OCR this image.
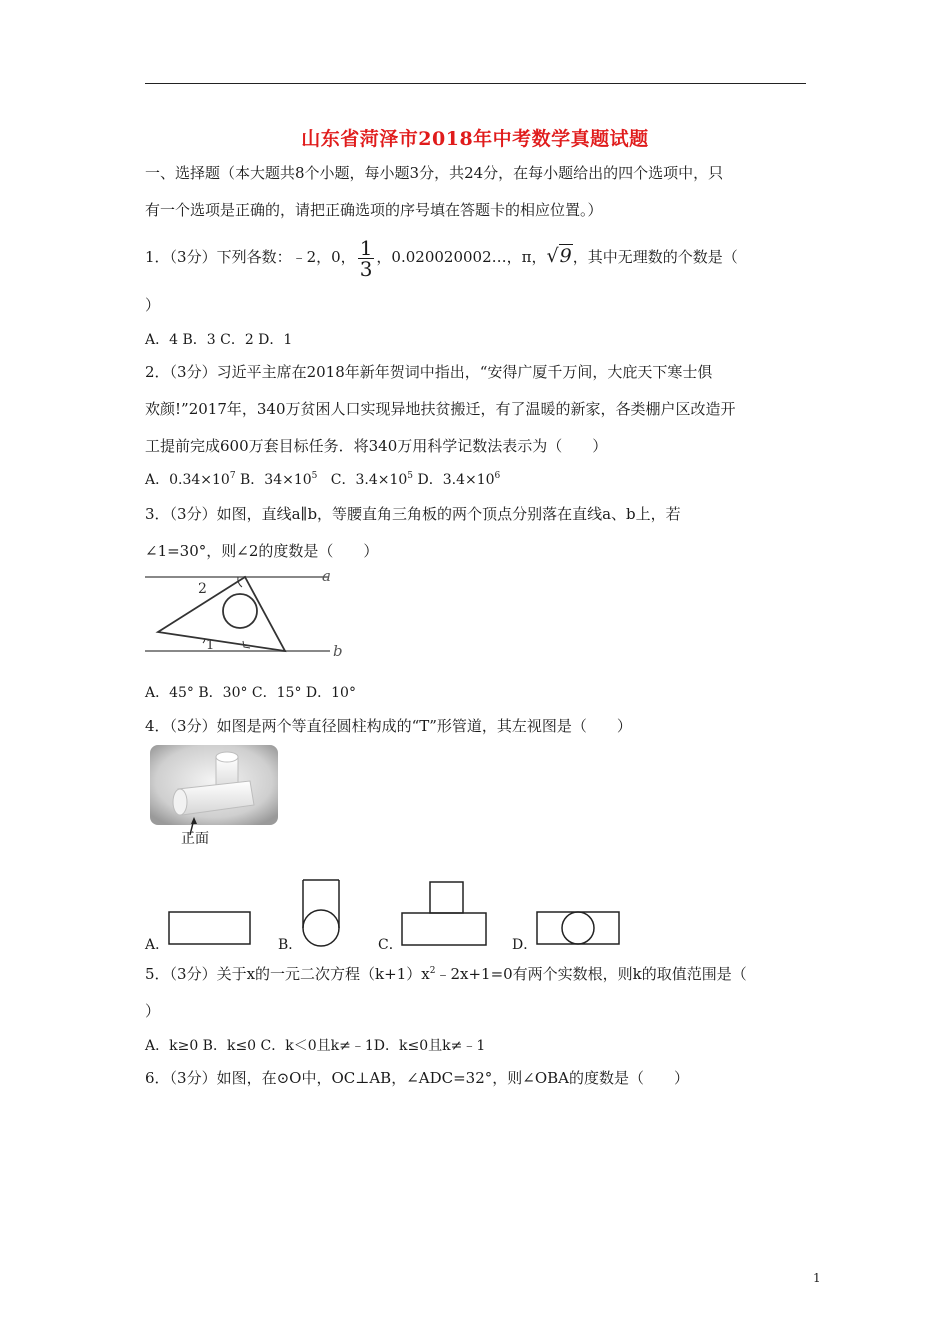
山东省菏泽市2018年中考数学真题试题
一、选择题（本大题共8个小题，每小题3分，共24分，在每小题给出的四个选项中，只
有一个选项是正确的，请把正确选项的序号填在答题卡的相应位置。）
1．（3分）下列各数：﹣2，0， $\frac{1}{3}$ ，0.020020002…，π，√9，其中无理数的个数是（
）
A．4 B．3 C．2 D．1
2．（3分）习近平主席在2018年新年贺词中指出，“安得广厦千万间，大庇天下寒士俱
欢颜!”2017年，340万贫困人口实现异地扶贫搬迁，有了温暖的新家，各类棚户区改造开
工提前完成600万套目标任务．将340万用科学记数法表示为（　　）
A．$0.34\times 10^7$ B．$34\times 10^5$ C．$3.4\times 10^5$ D．$3.4\times 10^6$
3．（3分）如图，直线a∥b，等腰直角三角板的两个顶点分别落在直线a、b上，若
∠1=30°，则∠2的度数是（　　）
a
b
2
1
A．45° B．30° C．15° D．10°
4．（3分）如图是两个等直径圆柱构成的“T”形管道，其左视图是（　　）
正面
A．	B．	C．	D．
5．（3分）关于x的一元二次方程$(k+1)x^2﹣2x+1=0$有两个实数根，则k的取值范围是（
）
A．k≥0 B．k≤0 C．k＜0且k≠﹣1D．k≤0且k≠﹣1
6．（3分）如图，在⊙O中，OC⊥AB，∠ADC=32°，则∠OBA的度数是（　　）
1
